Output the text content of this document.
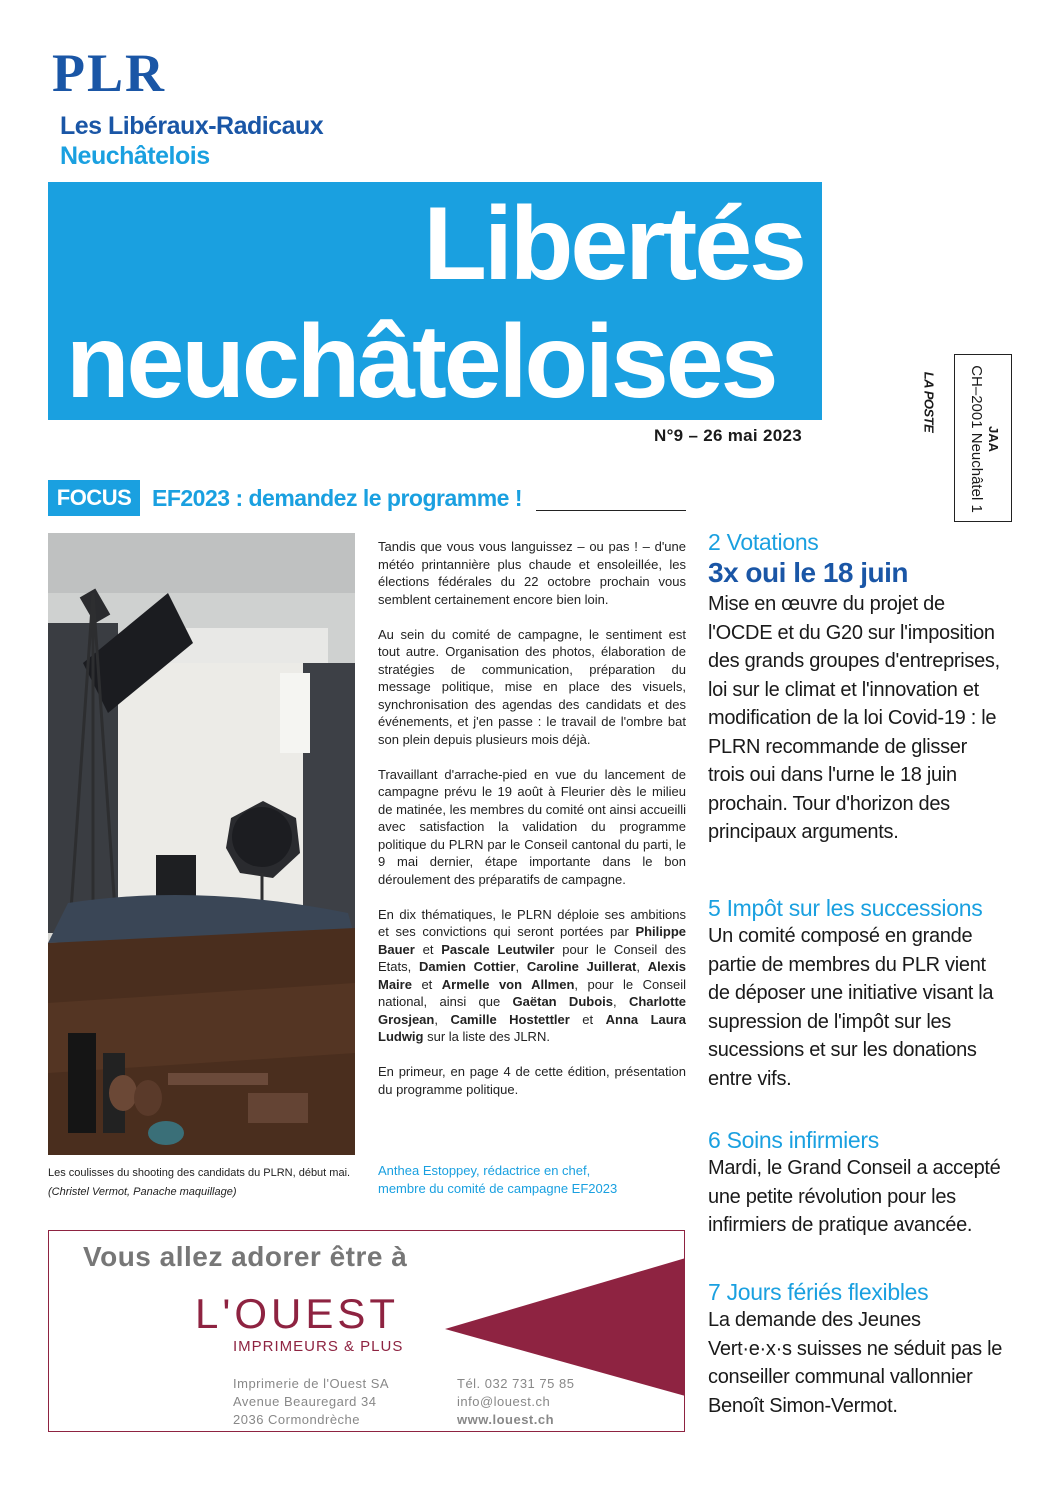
PLR
Les Libéraux-Radicaux
Neuchâtelois
Libertés
neuchâteloises
N°9 – 26 mai 2023
LA POSTE
JAA
CH–2001 Neuchâtel 1
FOCUS EF2023 : demandez le programme !
Les coulisses du shooting des candidats du PLRN, début mai.
(Christel Vermot, Panache maquillage)

Tandis que vous vous languissez – ou pas ! – d'une météo printannière plus chaude et ensoleillée, les élections fédérales du 22 octobre prochain vous semblent certainement encore bien loin.

Au sein du comité de campagne, le sentiment est tout autre. Organisation des photos, élaboration de stratégies de communication, préparation du message politique, mise en place des visuels, synchronisation des agendas des candidats et des événements, et j'en passe : le travail de l'ombre bat son plein depuis plusieurs mois déjà.

Travaillant d'arrache-pied en vue du lancement de campagne prévu le 19 août à Fleurier dès le milieu de matinée, les membres du comité ont ainsi accueilli avec satisfaction la validation du programme politique du PLRN par le Conseil cantonal du parti, le 9 mai dernier, étape importante dans le bon déroulement des préparatifs de campagne.

En dix thématiques, le PLRN déploie ses ambitions et ses convictions qui seront portées par Philippe Bauer et Pascale Leutwiler pour le Conseil des Etats, Damien Cottier, Caroline Juillerat, Alexis Maire et Armelle von Allmen, pour le Conseil national, ainsi que Gaëtan Dubois, Charlotte Grosjean, Camille Hostettler et Anna Laura Ludwig sur la liste des JLRN.

En primeur, en page 4 de cette édition, présentation du programme politique.

Anthea Estoppey, rédactrice en chef,
membre du comité de campagne EF2023
2 Votations
3x oui le 18 juin
Mise en œuvre du projet de l'OCDE et du G20 sur l'imposition des grands groupes d'entreprises, loi sur le climat et l'innovation et modification de la loi Covid-19 : le PLRN recommande de glisser trois oui dans l'urne le 18 juin prochain. Tour d'horizon des principaux arguments.
5 Impôt sur les successions
Un comité composé en grande partie de membres du PLR vient de déposer une initiative visant la supression de l'impôt sur les sucessions et sur les donations entre vifs.
6 Soins infirmiers
Mardi, le Grand Conseil a accepté une petite révolution pour les infirmiers de pratique avancée.
7 Jours fériés flexibles
La demande des Jeunes Vert·e·x·s suisses ne séduit pas le conseiller communal vallonnier Benoît Simon-Vermot.
Vous allez adorer être à
L'OUEST
IMPRIMEURS & PLUS
Imprimerie de l'Ouest SA
Avenue Beauregard 34
2036 Cormondrèche
Tél. 032 731 75 85
info@louest.ch
www.louest.ch
